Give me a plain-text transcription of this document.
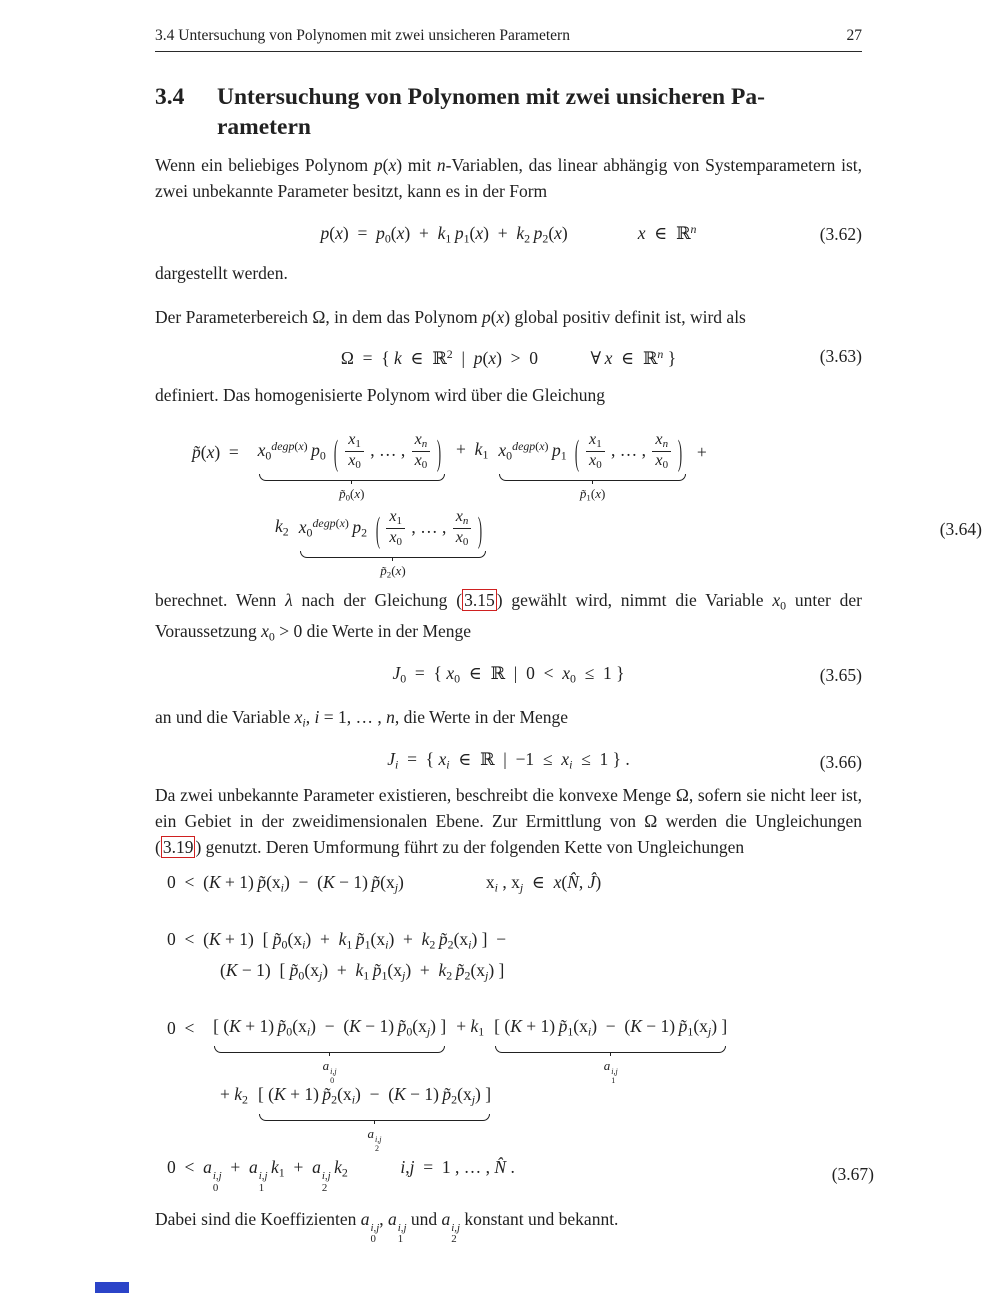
3.4 Untersuchung von Polynomen mit zwei unsicheren Parametern	27
3.4	Untersuchung von Polynomen mit zwei unsicheren Pa-
rametern
Wenn ein beliebiges Polynom p(x) mit n-Variablen, das linear abhängig von Systemparametern ist, zwei unbekannte Parameter besitzt, kann es in der Form
p(x) = $p_0(x)$ + $k_1$  $p_1(x)$ + $k_2$  $p_2(x)$    x ∈ ℝ$^n$	(3.62)
dargestellt werden.
Der Parameterbereich Ω, in dem das Polynom p(x) global positiv definit ist, wird als
Ω = { k ∈ ℝ$^2$ | p(x) > 0   ∀ x ∈ ℝ$^n$ }	(3.63)
definiert. Das homogenisierte Polynom wird über die Gleichung
p̃(x) =  $x_0^{degp(x)}$  $p_0$  ( $\frac{x_1}{x_0}$ , … , $\frac{x_n}{x_0}$ )
$p̃_0(x)$
+ $k_1$ $x_0^{degp(x)}$  $p_1$  ( $\frac{x_1}{x_0}$ , … , $\frac{x_n}{x_0}$ )
$p̃_1(x)$
+
$k_2$ $x_0^{degp(x)}$  $p_2$  ( $\frac{x_1}{x_0}$ , … , $\frac{x_n}{x_0}$ )
$p̃_2(x)$
(3.64)
berechnet. Wenn λ nach der Gleichung ( 3.15 ) gewählt wird, nimmt die Variable $x_0$ unter der Voraussetzung $x_0 > 0$ die Werte in der Menge
$J_0$ = { $x_0$ ∈ ℝ | 0 < $x_0$ ≤ 1 }	(3.65)
an und die Variable $x_i$, i = 1, … , n, die Werte in der Menge
$J_i$ = { $x_i$ ∈ ℝ | −1 ≤ $x_i$ ≤ 1 } .	(3.66)
Da zwei unbekannte Parameter existieren, beschreibt die konvexe Menge Ω, sofern sie nicht leer ist, ein Gebiet in der zweidimensionalen Ebene. Zur Ermittlung von Ω werden die Ungleichungen ( 3.19 ) genutzt. Deren Umformung führt zu der folgenden Kette von Ungleichungen
0 < (K + 1) $p̃(x_i)$ − (K − 1) $p̃(x_j)$	$x_i$ , $x_j$ ∈ x(N̂, Ĵ)
0 < (K + 1) [ $p̃_0(x_i)$ + $k_1$  $p̃_1(x_i)$ + $k_2$  $p̃_2(x_i)$ ] −
(K − 1) [ $p̃_0(x_j)$ + $k_1$  $p̃_1(x_j)$ + $k_2$  $p̃_2(x_j)$ ]
0 <  [ (K + 1) $p̃_0(x_i)$ − (K − 1) $p̃_0(x_j)$ ]
a i,j
0
+ $k_1$ [ (K + 1) $p̃_1(x_i)$ − (K − 1) $p̃_1(x_j)$ ]
a i,j
1
+ $k_2$ [ (K + 1) $p̃_2(x_i)$ − (K − 1) $p̃_2(x_j)$ ]
a i,j
2
0 < a i,j
0
 + a i,j
1
 $k_1$ + a i,j
2
 $k_2$   	i,j = 1 , … , N̂ .	(3.67)
Dabei sind die Koeffizienten a i,j
0
, a i,j
1
und a i,j
2
konstant und bekannt.
